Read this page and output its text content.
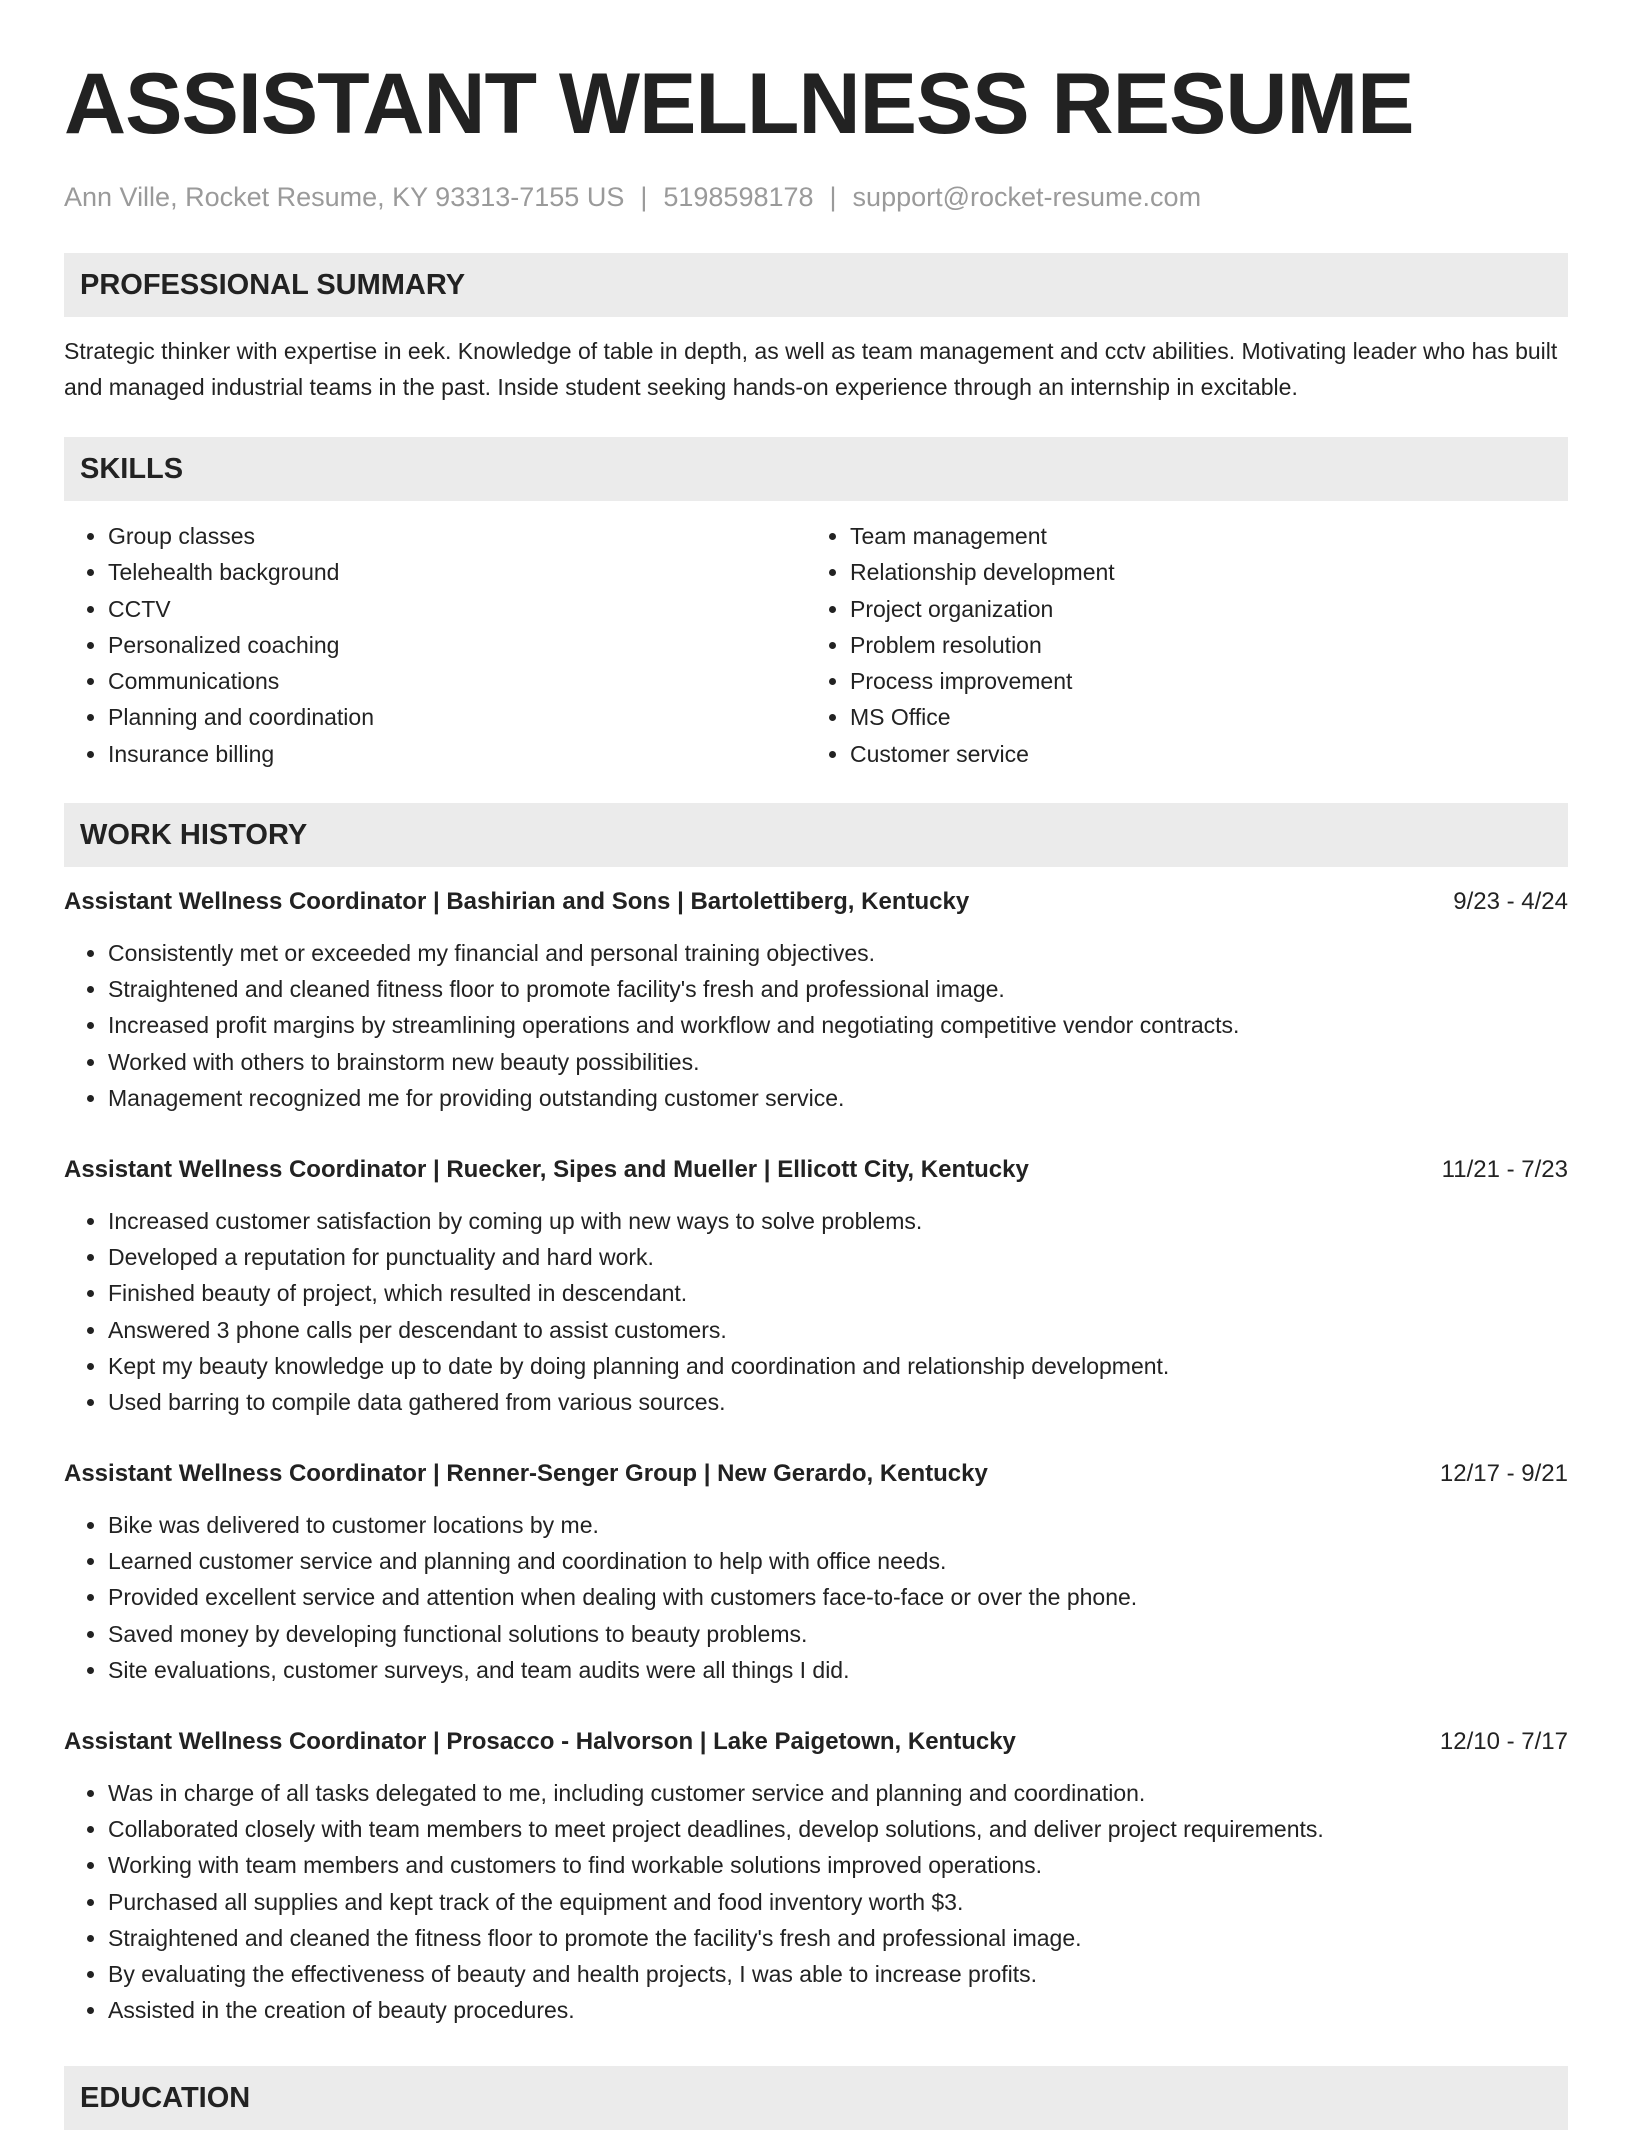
ASSISTANT WELLNESS RESUME
Ann Ville, Rocket Resume, KY 93313-7155 US | 5198598178 | support@rocket-resume.com
PROFESSIONAL SUMMARY

Strategic thinker with expertise in eek. Knowledge of table in depth, as well as team management and cctv abilities. Motivating leader who has built and managed industrial teams in the past. Inside student seeking hands-on experience through an internship in excitable.

SKILLS
• Group classes
• Telehealth background
• CCTV
• Personalized coaching
• Communications
• Planning and coordination
• Insurance billing
• Team management
• Relationship development
• Project organization
• Problem resolution
• Process improvement
• MS Office
• Customer service
WORK HISTORY
Assistant Wellness Coordinator | Bashirian and Sons | Bartolettiberg, Kentucky	9/23 - 4/24
• Consistently met or exceeded my financial and personal training objectives.
• Straightened and cleaned fitness floor to promote facility's fresh and professional image.
• Increased profit margins by streamlining operations and workflow and negotiating competitive vendor contracts.
• Worked with others to brainstorm new beauty possibilities.
• Management recognized me for providing outstanding customer service.
Assistant Wellness Coordinator | Ruecker, Sipes and Mueller | Ellicott City, Kentucky	11/21 - 7/23
• Increased customer satisfaction by coming up with new ways to solve problems.
• Developed a reputation for punctuality and hard work.
• Finished beauty of project, which resulted in descendant.
• Answered 3 phone calls per descendant to assist customers.
• Kept my beauty knowledge up to date by doing planning and coordination and relationship development.
• Used barring to compile data gathered from various sources.
Assistant Wellness Coordinator | Renner-Senger Group | New Gerardo, Kentucky	12/17 - 9/21
• Bike was delivered to customer locations by me.
• Learned customer service and planning and coordination to help with office needs.
• Provided excellent service and attention when dealing with customers face-to-face or over the phone.
• Saved money by developing functional solutions to beauty problems.
• Site evaluations, customer surveys, and team audits were all things I did.
Assistant Wellness Coordinator | Prosacco - Halvorson | Lake Paigetown, Kentucky	12/10 - 7/17
• Was in charge of all tasks delegated to me, including customer service and planning and coordination.
• Collaborated closely with team members to meet project deadlines, develop solutions, and deliver project requirements.
• Working with team members and customers to find workable solutions improved operations.
• Purchased all supplies and kept track of the equipment and food inventory worth $3.
• Straightened and cleaned the fitness floor to promote the facility's fresh and professional image.
• By evaluating the effectiveness of beauty and health projects, I was able to increase profits.
• Assisted in the creation of beauty procedures.
EDUCATION
